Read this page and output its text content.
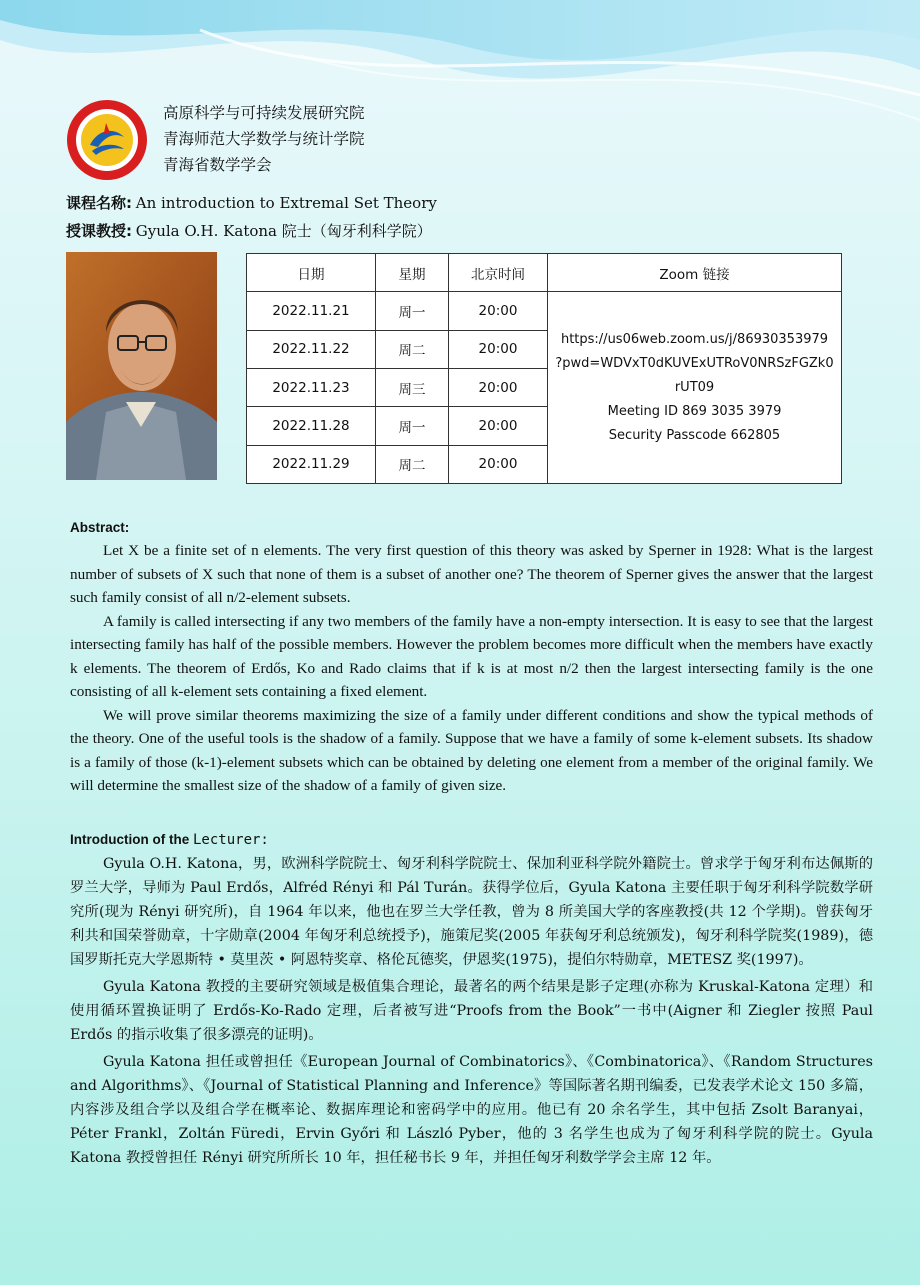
高原科学与可持续发展研究院
青海师范大学数学与统计学院
青海省数学学会
课程名称: An introduction to Extremal Set Theory
授课教授: Gyula O.H. Katona 院士（匈牙利科学院）
日期	星期	北京时间	Zoom 链接
2022.11.21	周一	20:00	https://us06web.zoom.us/j/86930353979
?pwd=WDVxT0dKUVExUTRoV0NRSzFGZk0
rUT09
Meeting ID 869 3035 3979
Security Passcode 662805

2022.11.22	周二	20:00	
2022.11.23	周三	20:00	
2022.11.28	周一	20:00	
2022.11.29	周二	20:00	
Abstract:

Let X be a finite set of n elements. The very first question of this theory was asked by Sperner in 1928: What is the largest number of subsets of X such that none of them is a subset of another one? The theorem of Sperner gives the answer that the largest such family consist of all n/2-element subsets.

A family is called intersecting if any two members of the family have a non-empty intersection. It is easy to see that the largest intersecting family has half of the possible members. However the problem becomes more difficult when the members have exactly k elements. The theorem of Erdős, Ko and Rado claims that if k is at most n/2 then the largest intersecting family is the one consisting of all k-element sets containing a fixed element.

We will prove similar theorems maximizing the size of a family under different conditions and show the typical methods of the theory. One of the useful tools is the shadow of a family. Suppose that we have a family of some k-element subsets. Its shadow is a family of those (k-1)-element subsets which can be obtained by deleting one element from a member of the original family. We will determine the smallest size of the shadow of a family of given size.

Introduction of the Lecturer:

Gyula O.H. Katona，男，欧洲科学院院士、匈牙利科学院院士、保加利亚科学院外籍院士。曾求学于匈牙利布达佩斯的罗兰大学，导师为 Paul Erdős，Alfréd Rényi 和 Pál Turán。获得学位后，Gyula Katona 主要任职于匈牙利科学院数学研究所(现为 Rényi 研究所)，自 1964 年以来，他也在罗兰大学任教，曾为 8 所美国大学的客座教授(共 12 个学期)。曾获匈牙利共和国荣誉勋章，十字勋章(2004 年匈牙利总统授予)，施策尼奖(2005 年获匈牙利总统颁发)，匈牙利科学院奖(1989)，德国罗斯托克大学恩斯特 • 莫里茨 • 阿恩特奖章、格伦瓦德奖，伊恩奖(1975)，提伯尔特勋章，METESZ 奖(1997)。

Gyula Katona 教授的主要研究领域是极值集合理论，最著名的两个结果是影子定理(亦称为 Kruskal-Katona 定理）和使用循环置换证明了 Erdős-Ko-Rado 定理，后者被写进“Proofs from the Book”一书中(Aigner 和 Ziegler 按照 Paul Erdős 的指示收集了很多漂亮的证明)。

Gyula Katona 担任或曾担任《European Journal of Combinatorics》、《Combinatorica》、《Random Structures and Algorithms》、《Journal of Statistical Planning and Inference》等国际著名期刊编委，已发表学术论文 150 多篇，内容涉及组合学以及组合学在概率论、数据库理论和密码学中的应用。他已有 20 余名学生，其中包括 Zsolt Baranyai，Péter Frankl，Zoltán Füredi，Ervin Győri 和 László Pyber，他的 3 名学生也成为了匈牙利科学院的院士。Gyula Katona 教授曾担任 Rényi 研究所所长 10 年，担任秘书长 9 年，并担任匈牙利数学学会主席 12 年。
